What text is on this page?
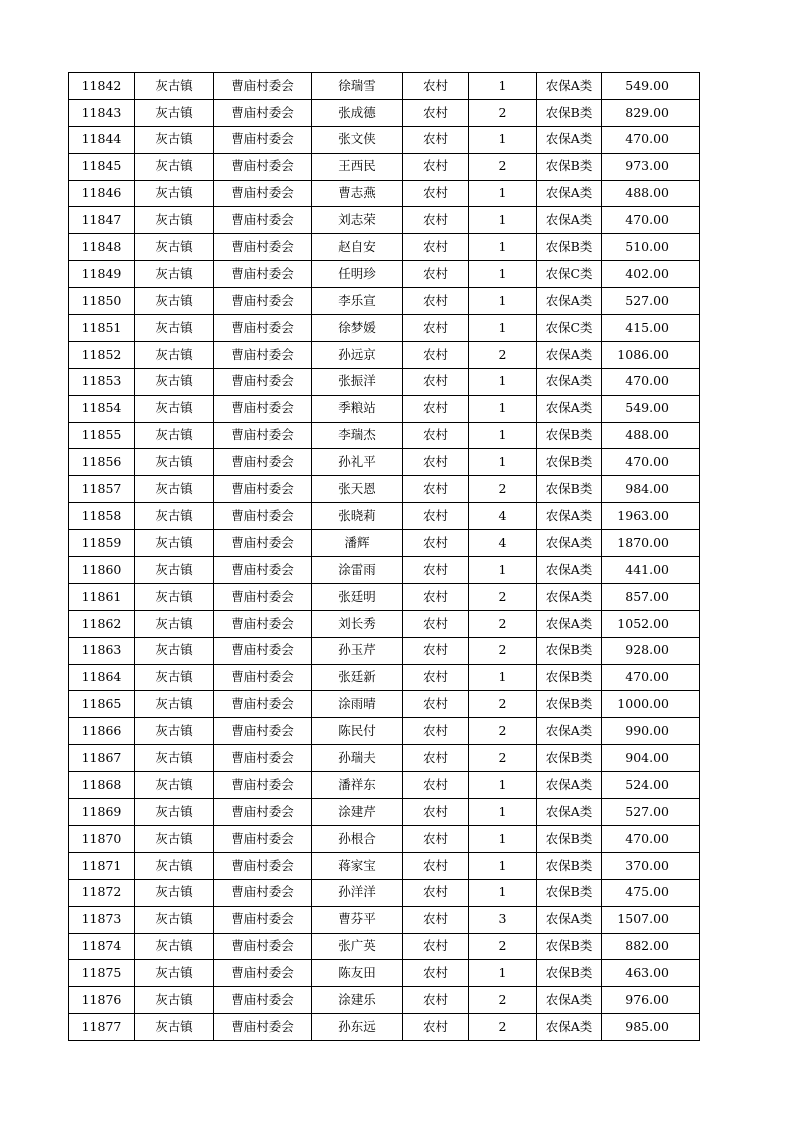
11842	灰古镇	曹庙村委会	徐瑞雪	农村	1	农保A类	549.00
11843	灰古镇	曹庙村委会	张成德	农村	2	农保B类	829.00
11844	灰古镇	曹庙村委会	张文侠	农村	1	农保A类	470.00
11845	灰古镇	曹庙村委会	王西民	农村	2	农保B类	973.00
11846	灰古镇	曹庙村委会	曹志燕	农村	1	农保A类	488.00
11847	灰古镇	曹庙村委会	刘志荣	农村	1	农保A类	470.00
11848	灰古镇	曹庙村委会	赵自安	农村	1	农保B类	510.00
11849	灰古镇	曹庙村委会	任明珍	农村	1	农保C类	402.00
11850	灰古镇	曹庙村委会	李乐宣	农村	1	农保A类	527.00
11851	灰古镇	曹庙村委会	徐梦媛	农村	1	农保C类	415.00
11852	灰古镇	曹庙村委会	孙远京	农村	2	农保A类	1086.00
11853	灰古镇	曹庙村委会	张振洋	农村	1	农保A类	470.00
11854	灰古镇	曹庙村委会	季粮站	农村	1	农保A类	549.00
11855	灰古镇	曹庙村委会	李瑞杰	农村	1	农保B类	488.00
11856	灰古镇	曹庙村委会	孙礼平	农村	1	农保B类	470.00
11857	灰古镇	曹庙村委会	张天恩	农村	2	农保B类	984.00
11858	灰古镇	曹庙村委会	张晓莉	农村	4	农保A类	1963.00
11859	灰古镇	曹庙村委会	潘辉	农村	4	农保A类	1870.00
11860	灰古镇	曹庙村委会	涂雷雨	农村	1	农保A类	441.00
11861	灰古镇	曹庙村委会	张廷明	农村	2	农保A类	857.00
11862	灰古镇	曹庙村委会	刘长秀	农村	2	农保A类	1052.00
11863	灰古镇	曹庙村委会	孙玉芹	农村	2	农保B类	928.00
11864	灰古镇	曹庙村委会	张廷新	农村	1	农保B类	470.00
11865	灰古镇	曹庙村委会	涂雨晴	农村	2	农保B类	1000.00
11866	灰古镇	曹庙村委会	陈民付	农村	2	农保A类	990.00
11867	灰古镇	曹庙村委会	孙瑞夫	农村	2	农保B类	904.00
11868	灰古镇	曹庙村委会	潘祥东	农村	1	农保A类	524.00
11869	灰古镇	曹庙村委会	涂建芹	农村	1	农保A类	527.00
11870	灰古镇	曹庙村委会	孙根合	农村	1	农保B类	470.00
11871	灰古镇	曹庙村委会	蒋家宝	农村	1	农保B类	370.00
11872	灰古镇	曹庙村委会	孙洋洋	农村	1	农保B类	475.00
11873	灰古镇	曹庙村委会	曹芬平	农村	3	农保A类	1507.00
11874	灰古镇	曹庙村委会	张广英	农村	2	农保B类	882.00
11875	灰古镇	曹庙村委会	陈友田	农村	1	农保B类	463.00
11876	灰古镇	曹庙村委会	涂建乐	农村	2	农保A类	976.00
11877	灰古镇	曹庙村委会	孙东远	农村	2	农保A类	985.00
